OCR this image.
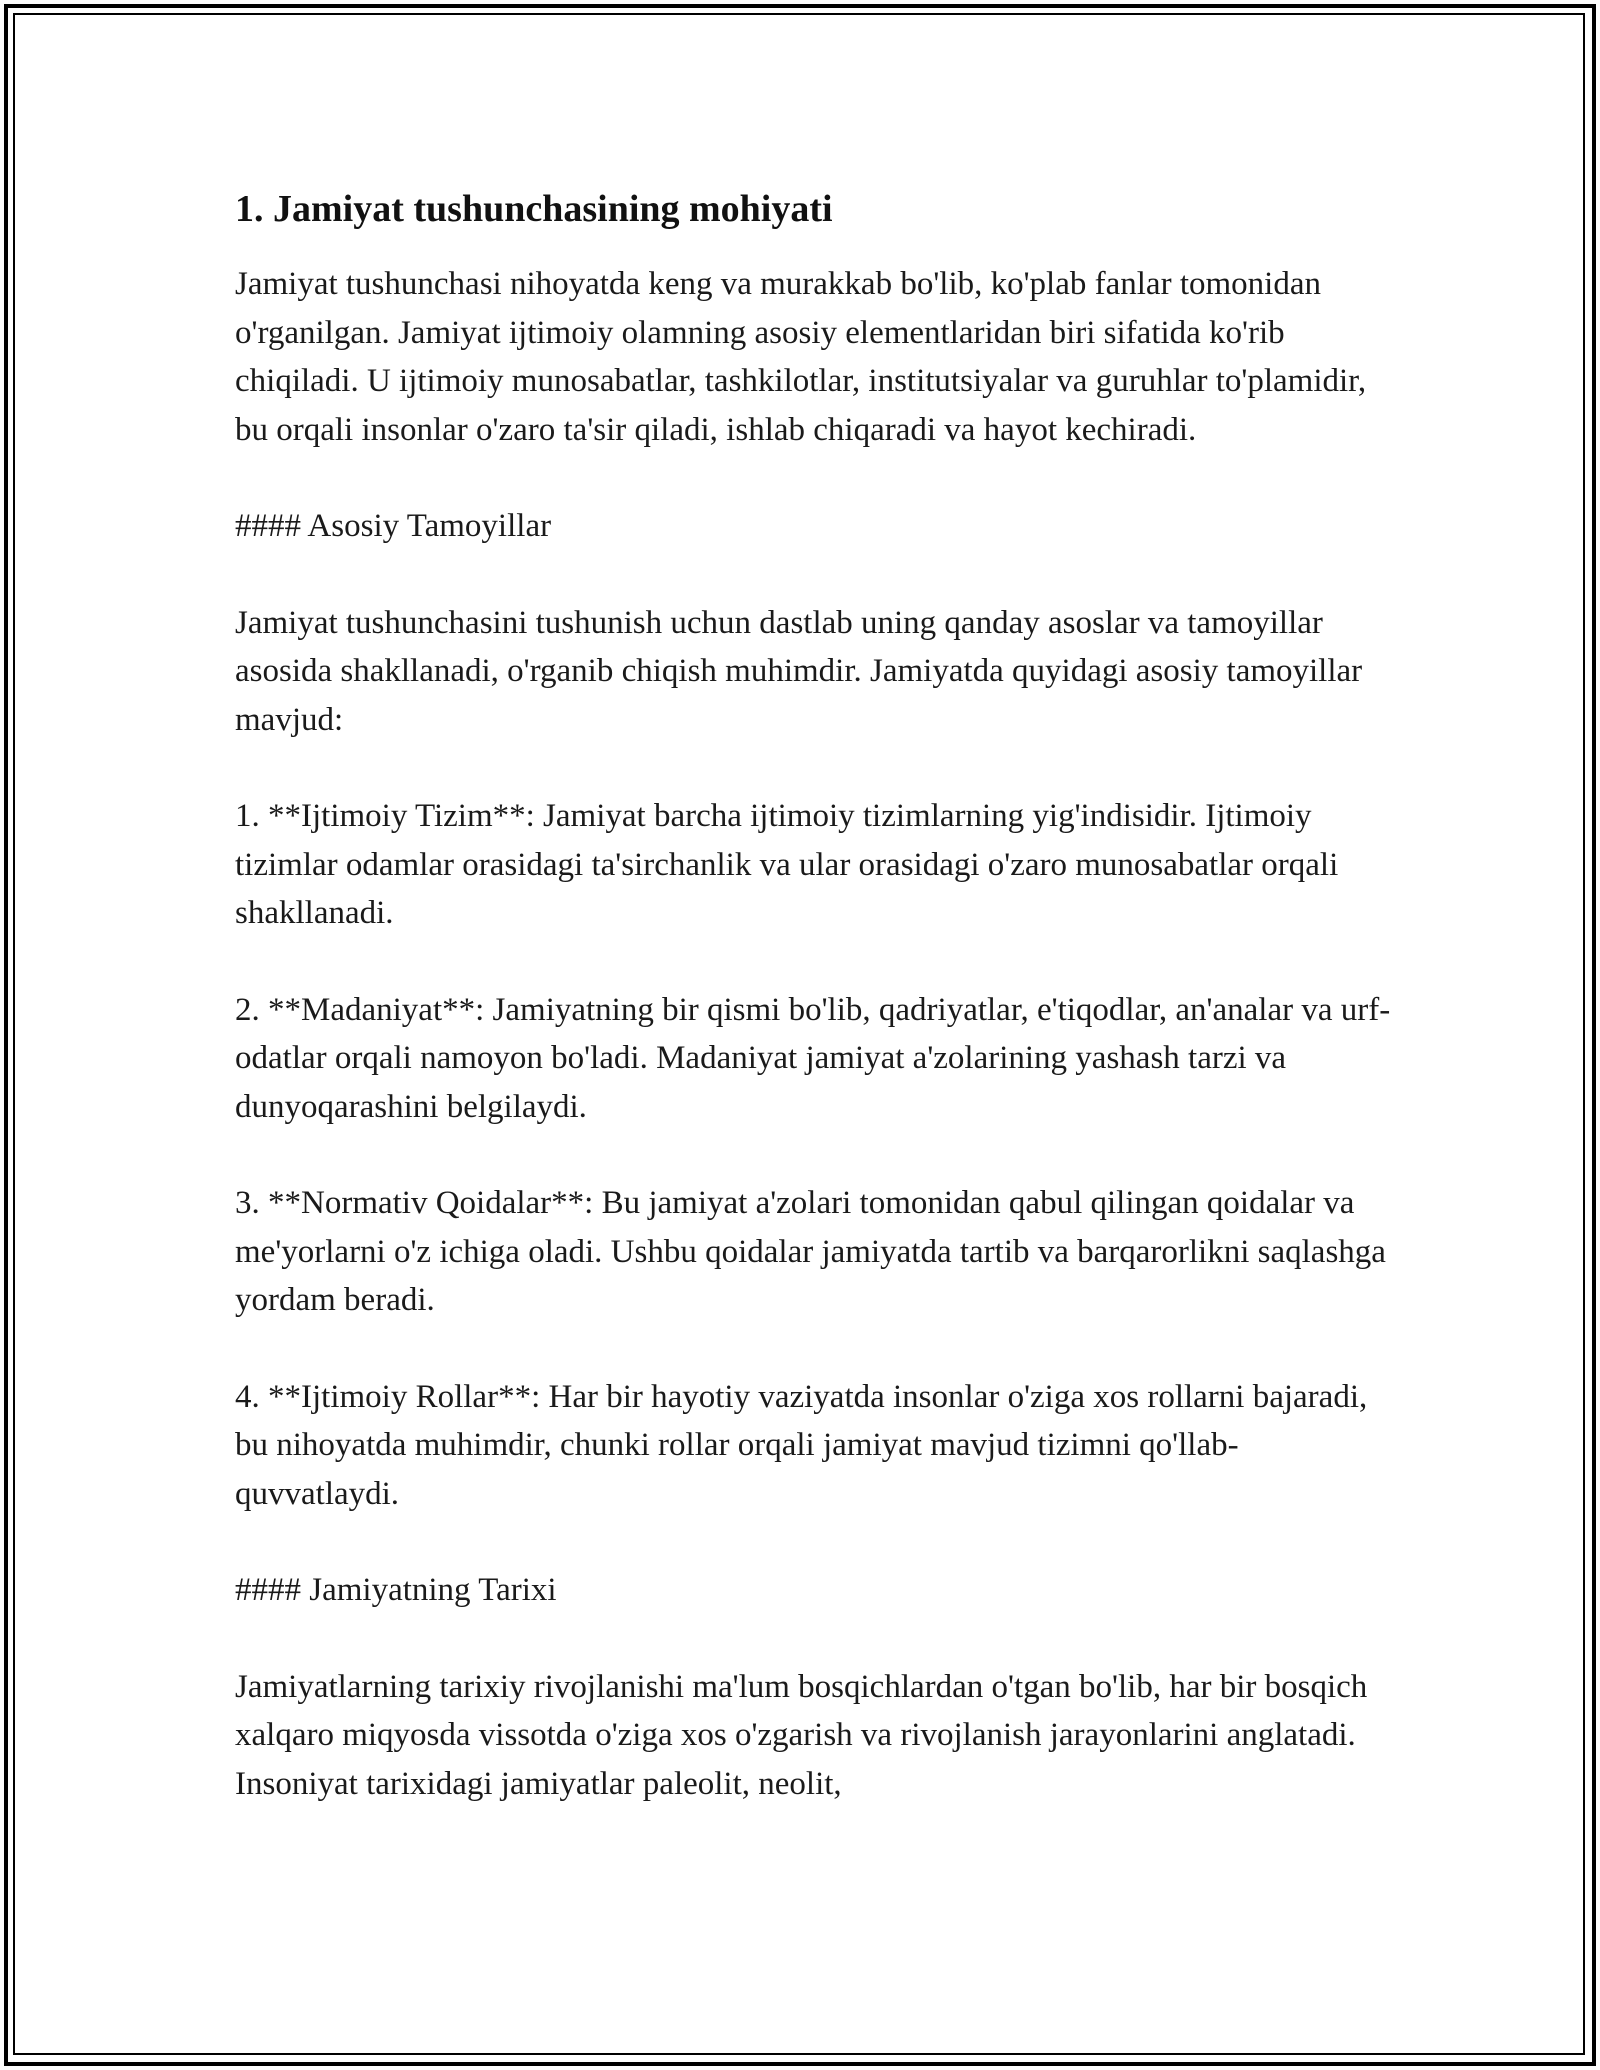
1. Jamiyat tushunchasining mohiyati

Jamiyat tushunchasi nihoyatda keng va murakkab bo'lib, ko'plab fanlar tomonidan o'rganilgan. Jamiyat ijtimoiy olamning asosiy elementlaridan biri sifatida ko'rib chiqiladi. U ijtimoiy munosabatlar, tashkilotlar, institutsiyalar va guruhlar to'plamidir, bu orqali insonlar o'zaro ta'sir qiladi, ishlab chiqaradi va hayot kechiradi.

#### Asosiy Tamoyillar

Jamiyat tushunchasini tushunish uchun dastlab uning qanday asoslar va tamoyillar asosida shakllanadi, o'rganib chiqish muhimdir. Jamiyatda quyidagi asosiy tamoyillar mavjud:

1. **Ijtimoiy Tizim**: Jamiyat barcha ijtimoiy tizimlarning yig'indisidir. Ijtimoiy tizimlar odamlar orasidagi ta'sirchanlik va ular orasidagi o'zaro munosabatlar orqali shakllanadi.

2. **Madaniyat**: Jamiyatning bir qismi bo'lib, qadriyatlar, e'tiqodlar, an'analar va urf-odatlar orqali namoyon bo'ladi. Madaniyat jamiyat a'zolarining yashash tarzi va dunyoqarashini belgilaydi.

3. **Normativ Qoidalar**: Bu jamiyat a'zolari tomonidan qabul qilingan qoidalar va me'yorlarni o'z ichiga oladi. Ushbu qoidalar jamiyatda tartib va barqarorlikni saqlashga yordam beradi.

4. **Ijtimoiy Rollar**: Har bir hayotiy vaziyatda insonlar o'ziga xos rollarni bajaradi, bu nihoyatda muhimdir, chunki rollar orqali jamiyat mavjud tizimni qo'llab-quvvatlaydi.

#### Jamiyatning Tarixi

Jamiyatlarning tarixiy rivojlanishi ma'lum bosqichlardan o'tgan bo'lib, har bir bosqich xalqaro miqyosda vissotda o'ziga xos o'zgarish va rivojlanish jarayonlarini anglatadi. Insoniyat tarixidagi jamiyatlar paleolit, neolit,
